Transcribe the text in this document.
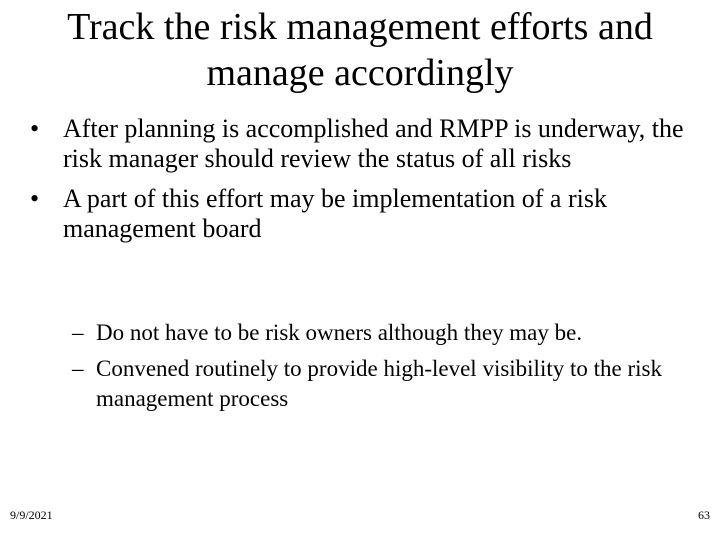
Track the risk management efforts and manage accordingly
• After planning is accomplished and RMPP is underway, the risk manager should review the status of all risks
• A part of this effort may be implementation of a risk management board
– Do not have to be risk owners although they may be.
– Convened routinely to provide high-level visibility to the risk management process
9/9/2021	63
